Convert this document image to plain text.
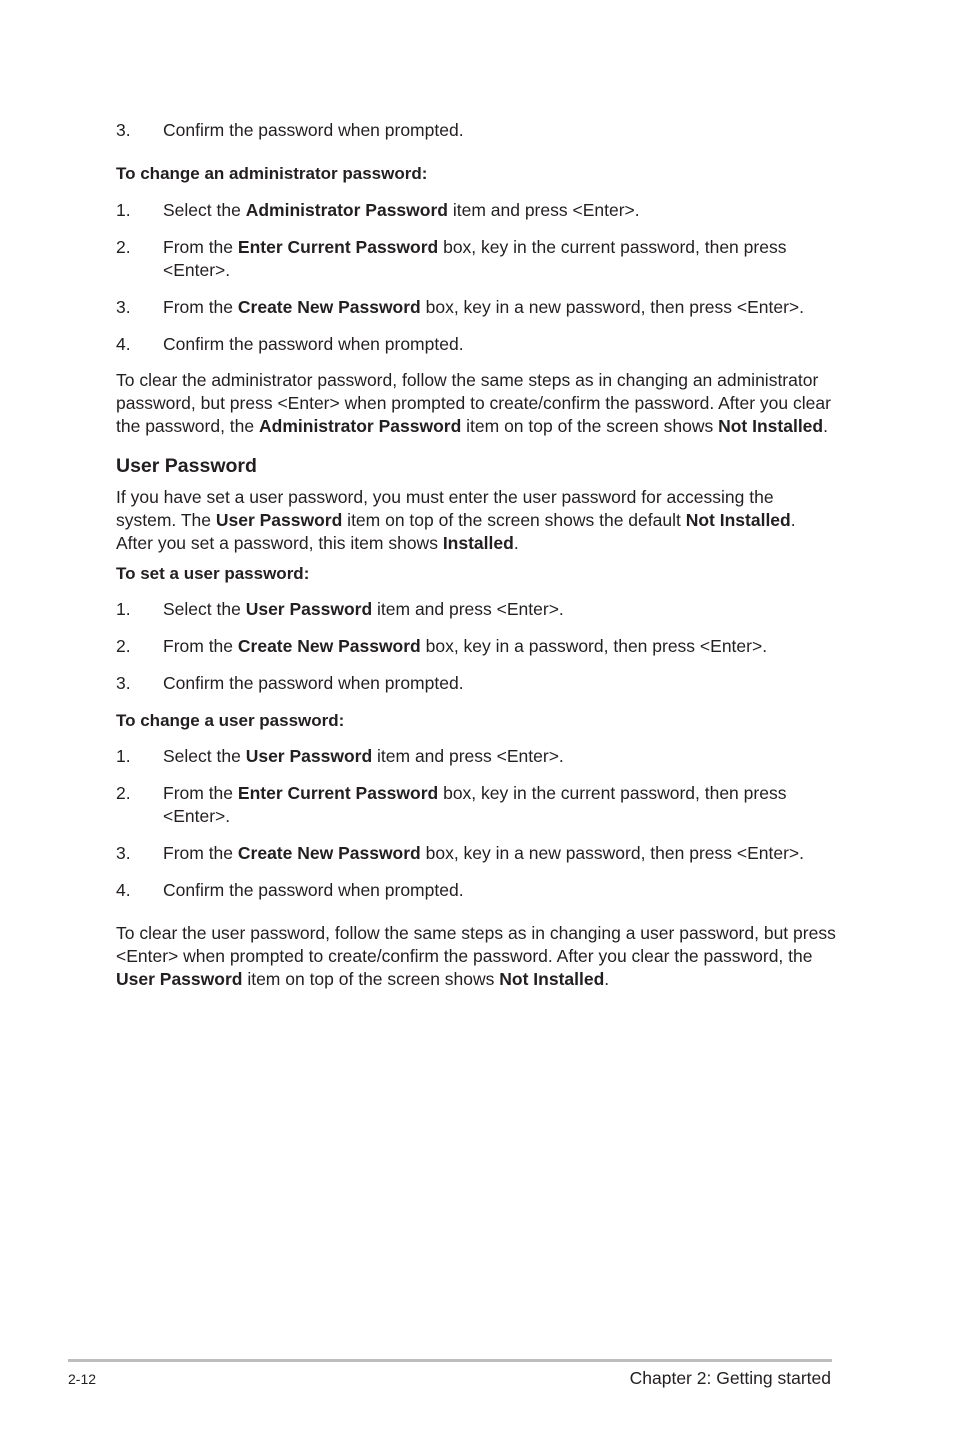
3. Confirm the password when prompted.
To change an administrator password:
1. Select the Administrator Password item and press <Enter>.
2. From the Enter Current Password box, key in the current password, then press <Enter>.
3. From the Create New Password box, key in a new password, then press <Enter>.
4. Confirm the password when prompted.
To clear the administrator password, follow the same steps as in changing an administrator password, but press <Enter> when prompted to create/confirm the password. After you clear the password, the Administrator Password item on top of the screen shows Not Installed.
User Password
If you have set a user password, you must enter the user password for accessing the system. The User Password item on top of the screen shows the default Not Installed. After you set a password, this item shows Installed.
To set a user password:
1. Select the User Password item and press <Enter>.
2. From the Create New Password box, key in a password, then press <Enter>.
3. Confirm the password when prompted.
To change a user password:
1. Select the User Password item and press <Enter>.
2. From the Enter Current Password box, key in the current password, then press <Enter>.
3. From the Create New Password box, key in a new password, then press <Enter>.
4. Confirm the password when prompted.
To clear the user password, follow the same steps as in changing a user password, but press <Enter> when prompted to create/confirm the password. After you clear the password, the User Password item on top of the screen shows Not Installed.
2-12	Chapter 2: Getting started
